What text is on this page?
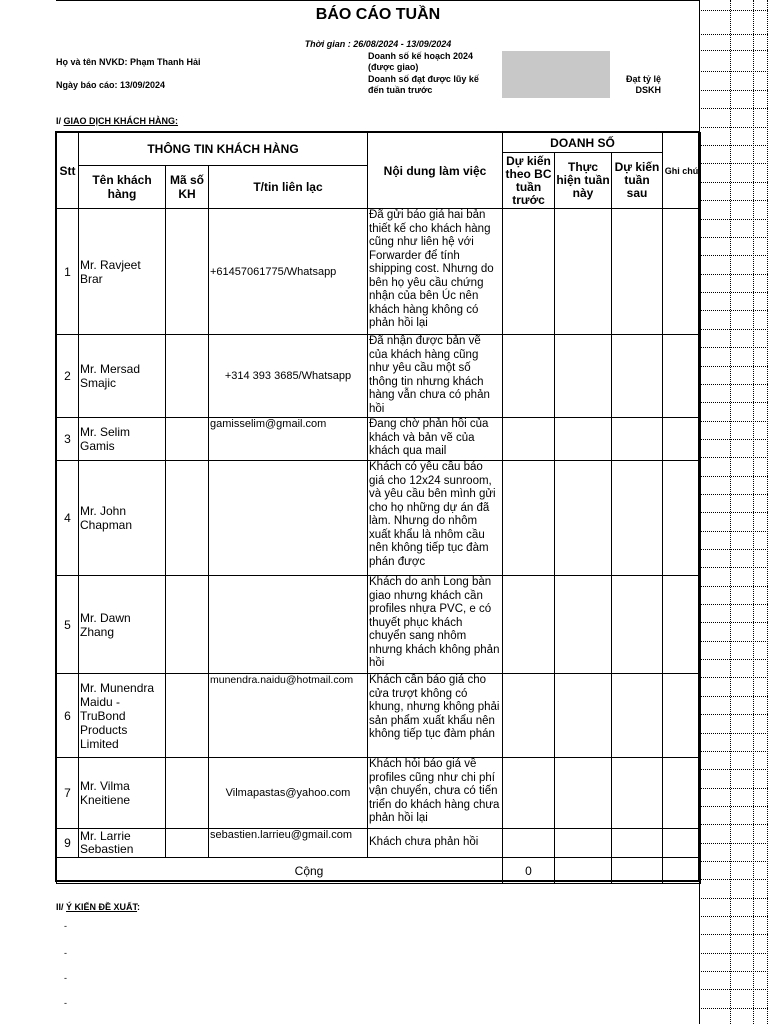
BÁO CÁO TUẦN
Thời gian : 26/08/2024 - 13/09/2024
Họ và tên NVKD: Phạm Thanh Hải
Ngày báo cáo: 13/09/2024
Doanh số kế hoạch 2024
(được giao)
Doanh số đạt được lũy kế
đến tuần trước
Đạt tỷ lệ
DSKH
I/ GIAO DỊCH KHÁCH HÀNG:
Stt	THÔNG TIN KHÁCH HÀNG			Nội dung làm việc	DOANH SỐ			Ghi chú
					Dự kiến theo BC tuần trước	Thực hiện tuần này	Dự kiến tuần sau	
	Tên khách hàng	Mã số KH	T/tin liên lạc					
1	Mr. Ravjeet Brar		+61457061775/Whatsapp	Đã gửi báo giá hai bản thiết kế cho khách hàng cũng như liên hệ với Forwarder để tính shipping cost. Nhưng do bên họ yêu cầu chứng nhận của bên Úc nên khách hàng không có phản hồi lại				
2	Mr. Mersad Smajic		+314 393 3685/Whatsapp	Đã nhận được bản vẽ của khách hàng cũng như yêu cầu một số thông tin nhưng khách hàng vẫn chưa có phản hồi				
3	Mr. Selim Gamis		gamisselim@gmail.com	Đang chờ phản hồi của khách và bản vẽ của khách qua mail				
4	Mr. John Chapman			Khách có yêu cầu báo giá cho 12x24 sunroom, và yêu cầu bên mình gửi cho họ những dự án đã làm. Nhưng do nhôm xuất khẩu là nhôm cầu nên không tiếp tục đàm phán được				
5	Mr. Dawn Zhang			Khách do anh Long bàn giao nhưng khách cần profiles nhựa PVC, e có thuyết phục khách chuyển sang nhôm nhưng khách không phản hồi				
6	Mr. Munendra Maidu - TruBond Products Limited		munendra.naidu@hotmail.com	Khách cần báo giá cho cửa trượt không có khung, nhưng không phải sản phẩm xuất khẩu nên không tiếp tục đàm phán				
7	Mr. Vilma Kneitiene		Vilmapastas@yahoo.com	Khách hỏi báo giá về profiles cũng như chi phí vận chuyển, chưa có tiến triển do khách hàng chưa phản hồi lại				
9	Mr. Larrie Sebastien		sebastien.larrieu@gmail.com	Khách chưa phản hồi				
Cộng					0			
II/ Ý KIẾN ĐỀ XUẤT:
-
-
-
-
